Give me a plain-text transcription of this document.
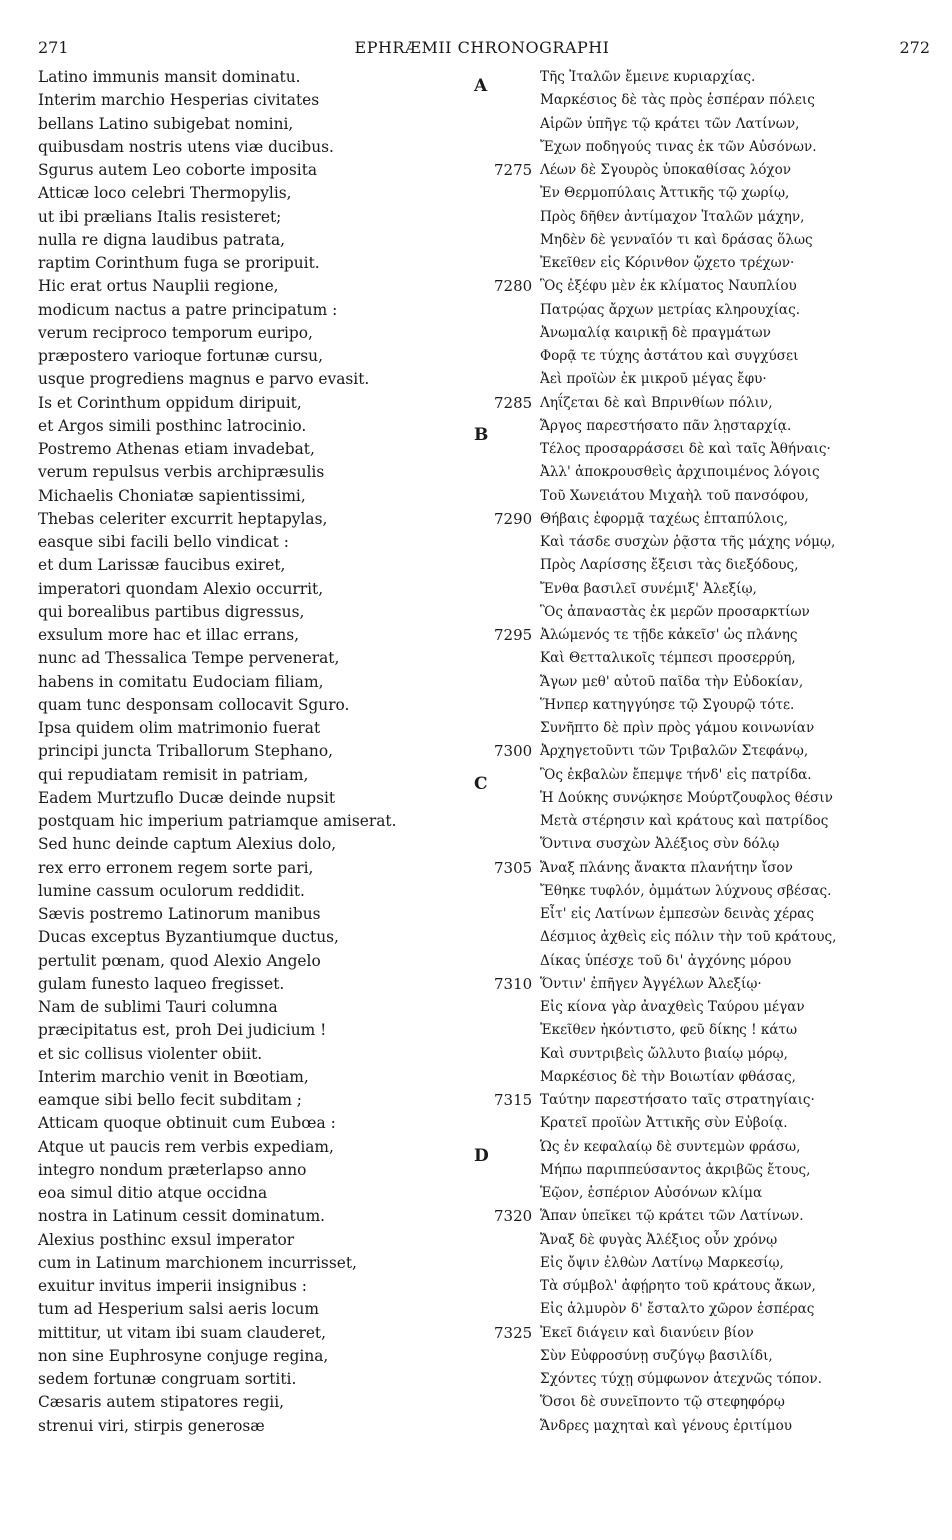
271	EPHRÆMII CHRONOGRAPHI	272
Latino immunis mansit dominatu.
Interim marchio Hesperias civitates
bellans Latino subigebat nomini,
quibusdam nostris utens viæ ducibus.
Sgurus autem Leo coborte imposita
Atticæ loco celebri Thermopylis,
ut ibi prælians Italis resisteret;
nulla re digna laudibus patrata,
raptim Corinthum fuga se proripuit.
Hic erat ortus Nauplii regione,
modicum nactus a patre principatum :
verum reciproco temporum euripo,
præpostero varioque fortunæ cursu,
usque progrediens magnus e parvo evasit.
Is et Corinthum oppidum diripuit,
et Argos simili posthinc latrocinio.
Postremo Athenas etiam invadebat,
verum repulsus verbis archipræsulis
Michaelis Choniatæ sapientissimi,
Thebas celeriter excurrit heptapylas,
easque sibi facili bello vindicat :
et dum Larissæ faucibus exiret,
imperatori quondam Alexio occurrit,
qui borealibus partibus digressus,
exsulum more hac et illac errans,
nunc ad Thessalica Tempe pervenerat,
habens in comitatu Eudociam filiam,
quam tunc desponsam collocavit Sguro.
Ipsa quidem olim matrimonio fuerat
principi juncta Triballorum Stephano,
qui repudiatam remisit in patriam,
Eadem Murtzuflo Ducæ deinde nupsit
postquam hic imperium patriamque amiserat.
Sed hunc deinde captum Alexius dolo,
rex erro erronem regem sorte pari,
lumine cassum oculorum reddidit.
Sævis postremo Latinorum manibus
Ducas exceptus Byzantiumque ductus,
pertulit pœnam, quod Alexio Angelo
gulam funesto laqueo fregisset.
Nam de sublimi Tauri columna
præcipitatus est, proh Dei judicium !
et sic collisus violenter obiit.
Interim marchio venit in Bœotiam,
eamque sibi bello fecit subditam ;
Atticam quoque obtinuit cum Eubœa :
Atque ut paucis rem verbis expediam,
integro nondum præterlapso anno
eoa simul ditio atque occidna
nostra in Latinum cessit dominatum.
Alexius posthinc exsul imperator
cum in Latinum marchionem incurrisset,
exuitur invitus imperii insignibus :
tum ad Hesperium salsi aeris locum
mittitur, ut vitam ibi suam clauderet,
non sine Euphrosyne conjuge regina,
sedem fortunæ congruam sortiti.
Cæsaris autem stipatores regii,
strenui viri, stirpis generosæ
Τῆς Ἰταλῶν ἔμεινε κυριαρχίας.
Μαρκέσιος δὲ τὰς πρὸς ἑσπέραν πόλεις
Αἱρῶν ὑπῆγε τῷ κράτει τῶν Λατίνων,
Ἔχων ποδηγούς τινας ἐκ τῶν Αὐσόνων.
7275 Λέων δὲ Σγουρὸς ὑποκαθίσας λόχον
Ἐν Θερμοπύλαις Ἀττικῆς τῷ χωρίῳ,
Πρὸς δῆθεν ἀντίμαχον Ἰταλῶν μάχην,
Μηδὲν δὲ γενναῖόν τι καὶ δράσας ὅλως
Ἐκεῖθεν εἰς Κόρινθον ᾤχετο τρέχων·
7280 Ὃς ἐξέφυ μὲν ἐκ κλίματος Ναυπλίου
Πατρῴας ἄρχων μετρίας κληρουχίας.
Ἀνωμαλίᾳ καιρικῇ δὲ πραγμάτων
Φορᾷ τε τύχης ἀστάτου καὶ συγχύσει
Ἀεὶ προϊὼν ἐκ μικροῦ μέγας ἔφυ·
7285 Ληΐζεται δὲ καὶ Βπρινθίων πόλιν,
Ἄργος παρεστήσατο πᾶν λῃσταρχίᾳ.
Τέλος προσαρράσσει δὲ καὶ ταῖς Ἀθήναις·
Ἀλλ' ἀποκρουσθεὶς ἀρχιποιμένος λόγοις
Τοῦ Χωνειάτου Μιχαὴλ τοῦ πανσόφου,
7290 Θήβαις ἐφορμᾷ ταχέως ἑπταπύλοις,
Καὶ τάσδε συσχὼν ῥᾷστα τῆς μάχης νόμῳ,
Πρὸς Λαρίσσης ἔξεισι τὰς διεξόδους,
Ἔνθα βασιλεῖ συνέμιξ' Ἀλεξίῳ,
Ὃς ἀπαναστὰς ἐκ μερῶν προσαρκτίων
7295 Ἀλώμενός τε τῇδε κἀκεῖσ' ὡς πλάνης
Καὶ Θετταλικοῖς τέμπεσι προσερρύη,
Ἄγων μεθ' αὐτοῦ παῖδα τὴν Εὐδοκίαν,
Ἥνπερ κατηγγύησε τῷ Σγουρῷ τότε.
Συνῆπτο δὲ πρὶν πρὸς γάμου κοινωνίαν
7300 Ἀρχηγετοῦντι τῶν Τριβαλῶν Στεφάνῳ,
Ὃς ἐκβαλὼν ἔπεμψε τήνδ' εἰς πατρίδα.
Ἡ Δούκης συνῴκησε Μούρτζουφλος θέσιν
Μετὰ στέρησιν καὶ κράτους καὶ πατρίδος
Ὅντινα συσχὼν Ἀλέξιος σὺν δόλῳ
7305 Ἄναξ πλάνης ἄνακτα πλανήτην ἴσον
Ἔθηκε τυφλόν, ὀμμάτων λύχνους σβέσας.
Εἶτ' εἰς Λατίνων ἐμπεσὼν δεινὰς χέρας
Δέσμιος ἀχθεὶς εἰς πόλιν τὴν τοῦ κράτους,
Δίκας ὑπέσχε τοῦ δι' ἀγχόνης μόρου
7310 Ὅντιν' ἐπῆγεν Ἀγγέλων Ἀλεξίῳ·
Εἰς κίονα γὰρ ἀναχθεὶς Ταύρου μέγαν
Ἐκεῖθεν ἠκόντιστο, φεῦ δίκης ! κάτω
Καὶ συντριβεὶς ὤλλυτο βιαίῳ μόρῳ,
Μαρκέσιος δὲ τὴν Βοιωτίαν φθάσας,
7315 Ταύτην παρεστήσατο ταῖς στρατηγίαις·
Κρατεῖ προϊὼν Ἀττικῆς σὺν Εὐβοίᾳ.
Ὡς ἐν κεφαλαίῳ δὲ συντεμὼν φράσω,
Μήπω παριππεύσαντος ἀκριβῶς ἔτους,
Ἑῷον, ἑσπέριον Αὐσόνων κλίμα
7320 Ἅπαν ὑπεῖκει τῷ κράτει τῶν Λατίνων.
Ἄναξ δὲ φυγὰς Ἀλέξιος οὖν χρόνῳ
Εἰς ὄψιν ἐλθὼν Λατίνῳ Μαρκεσίῳ,
Τὰ σύμβολ' ἀφῄρητο τοῦ κράτους ἄκων,
Εἰς ἁλμυρὸν δ' ἔσταλτο χῶρον ἑσπέρας
7325 Ἐκεῖ διάγειν καὶ διανύειν βίον
Σὺν Εὐφροσύνῃ συζύγῳ βασιλίδι,
Σχόντες τύχῃ σύμφωνον ἀτεχνῶς τόπον.
Ὅσοι δὲ συνεῖποντο τῷ στεφηφόρῳ
Ἄνδρες μαχηταὶ καὶ γένους ἐριτίμου
A
B
C
D
